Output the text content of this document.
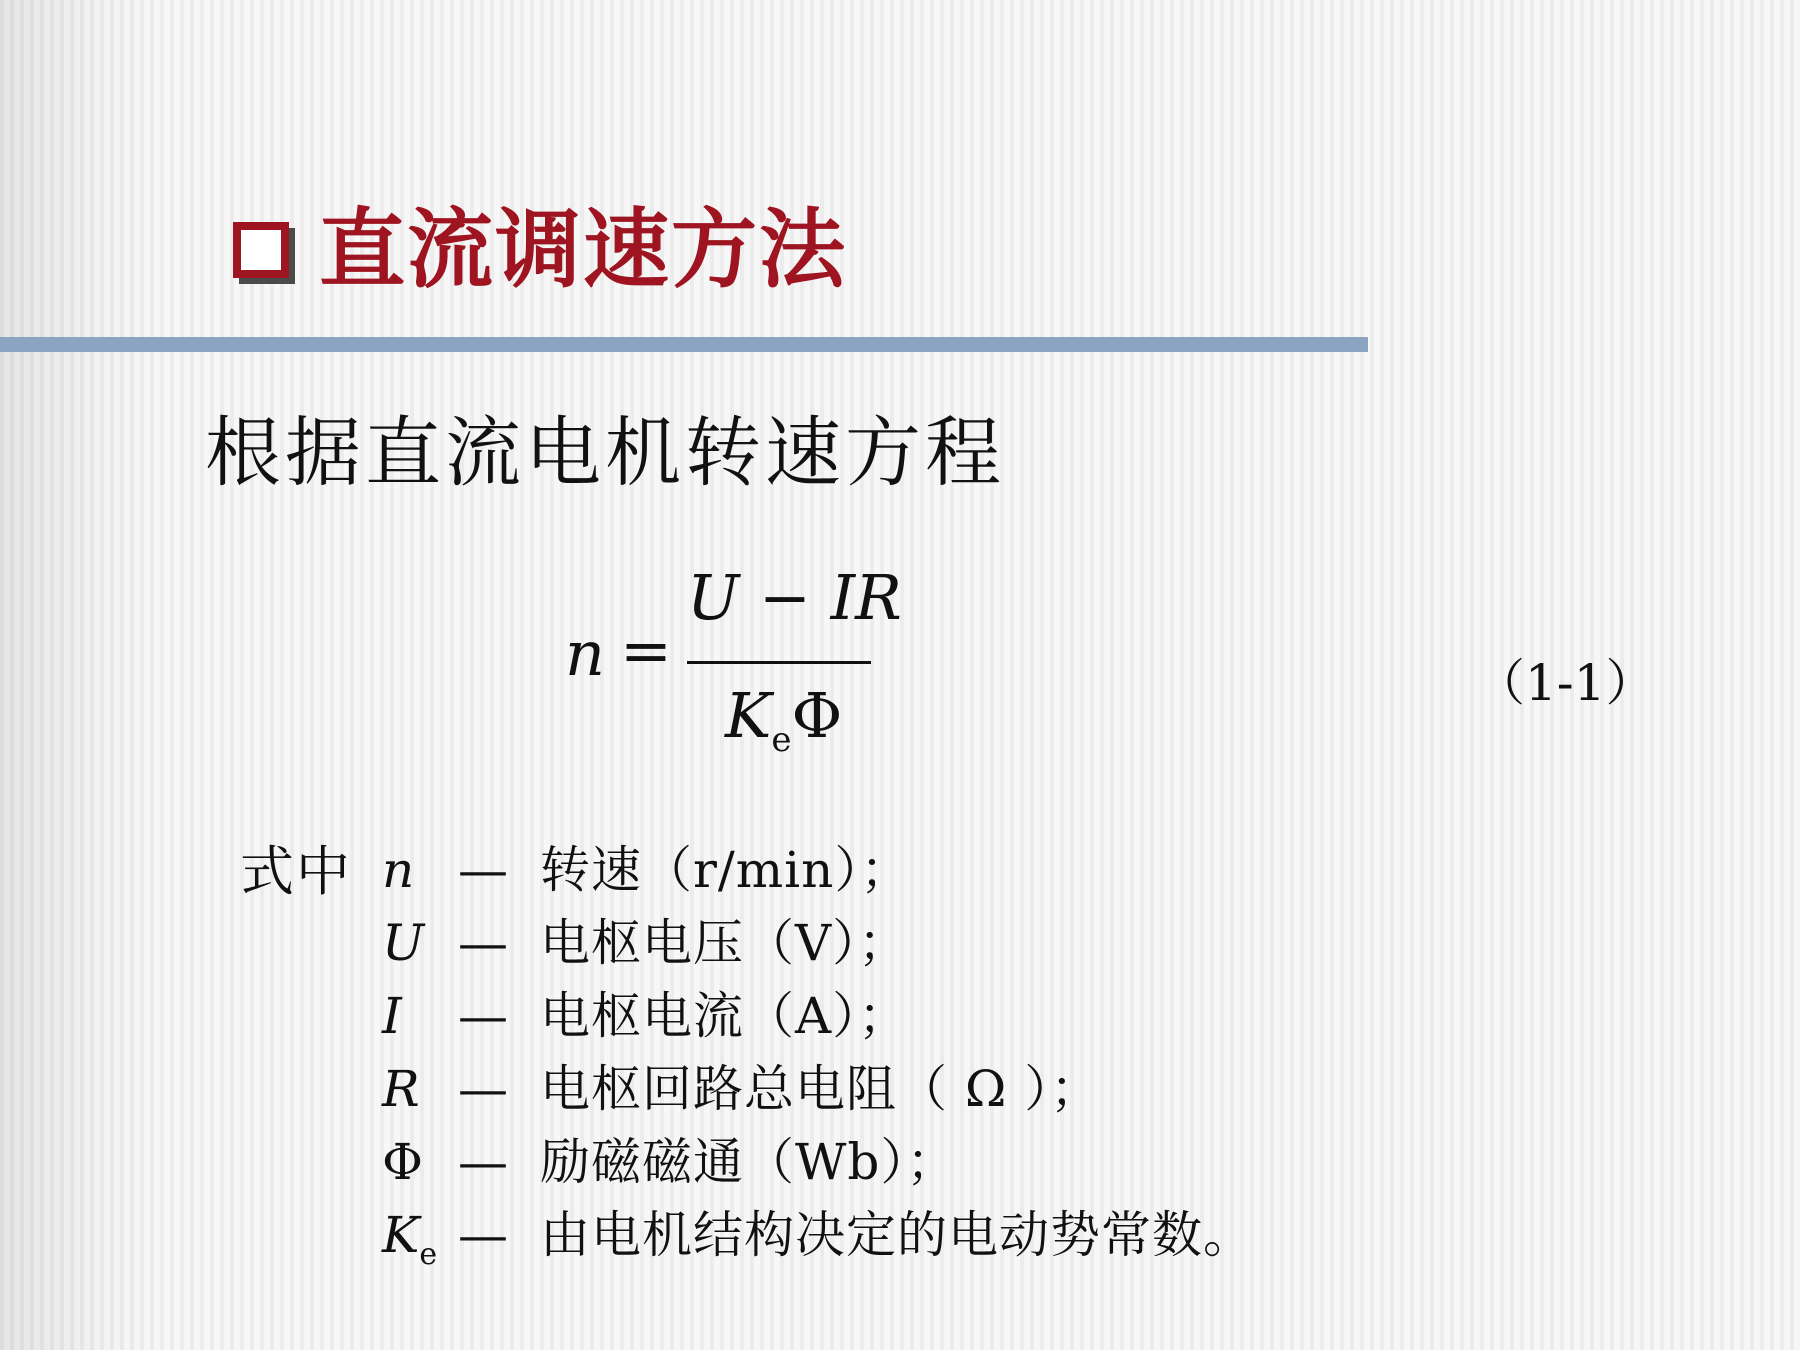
直流调速方法
根据直流电机转速方程
n =
U − IR
$K_e\Phi$	（1-1）
式中 n — 转速（r/min）；
U — 电枢电压（V）；
I — 电枢电流（A）；
R — 电枢回路总电阻（ Ω ）；
Φ — 励磁磁通（Wb）；
$K_e$ — 由电机结构决定的电动势常数。
